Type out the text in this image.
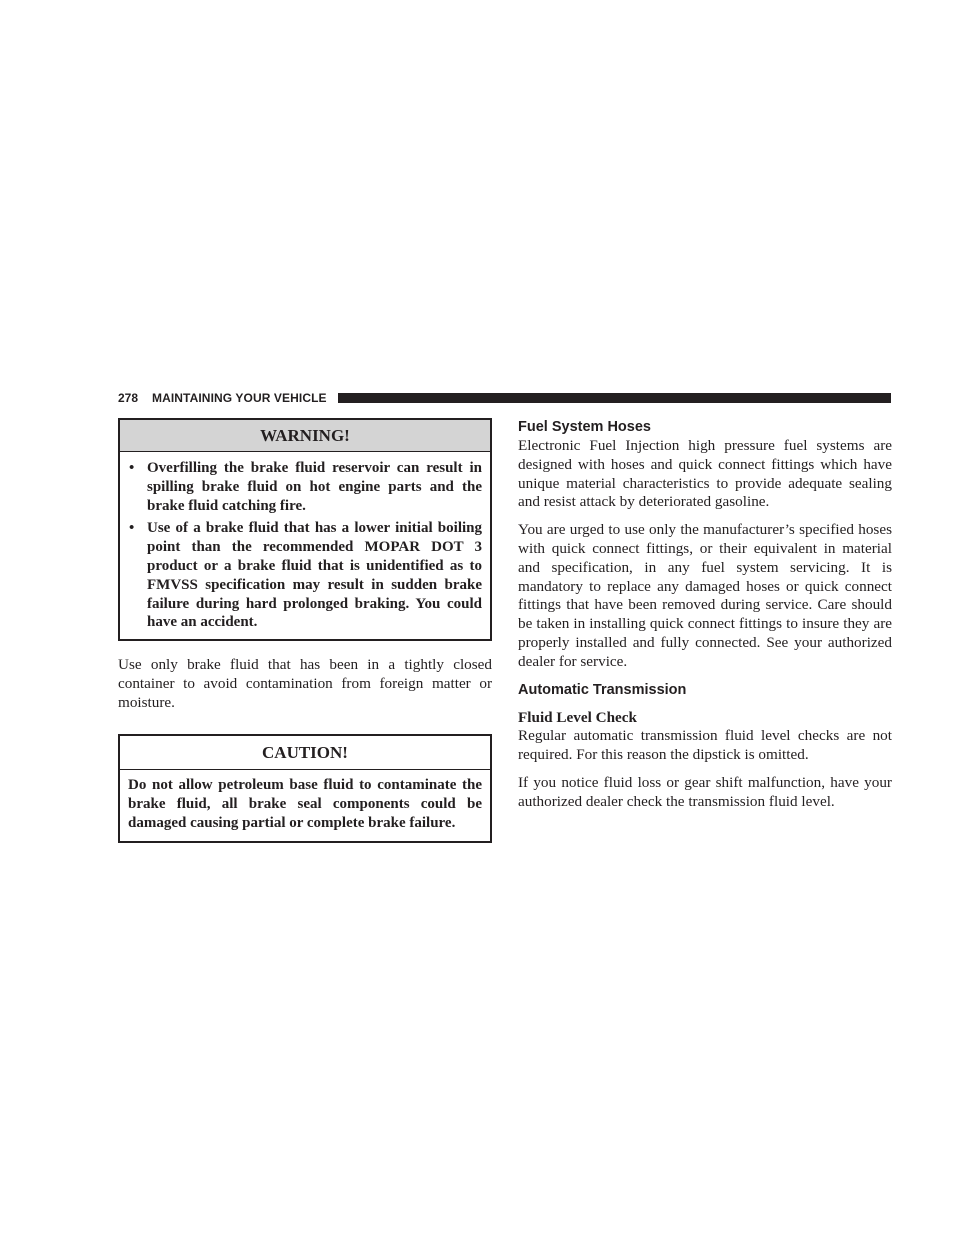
278 MAINTAINING YOUR VEHICLE
WARNING!
• Overfilling the brake fluid reservoir can result in spilling brake fluid on hot engine parts and the brake fluid catching fire.
• Use of a brake fluid that has a lower initial boiling point than the recommended MOPAR DOT 3 product or a brake fluid that is unidentified as to FMVSS specification may result in sudden brake failure during hard prolonged braking. You could have an accident.

Use only brake fluid that has been in a tightly closed container to avoid contamination from foreign matter or moisture.

CAUTION!
Do not allow petroleum base fluid to contaminate the brake fluid, all brake seal components could be damaged causing partial or complete brake failure.
Fuel System Hoses

Electronic Fuel Injection high pressure fuel systems are designed with hoses and quick connect fittings which have unique material characteristics to provide adequate sealing and resist attack by deteriorated gasoline.

You are urged to use only the manufacturer’s specified hoses with quick connect fittings, or their equivalent in material and specification, in any fuel system servicing. It is mandatory to replace any damaged hoses or quick connect fittings that have been removed during service. Care should be taken in installing quick connect fittings to insure they are properly installed and fully connected. See your authorized dealer for service.

Automatic Transmission
Fluid Level Check

Regular automatic transmission fluid level checks are not required. For this reason the dipstick is omitted.

If you notice fluid loss or gear shift malfunction, have your authorized dealer check the transmission fluid level.
